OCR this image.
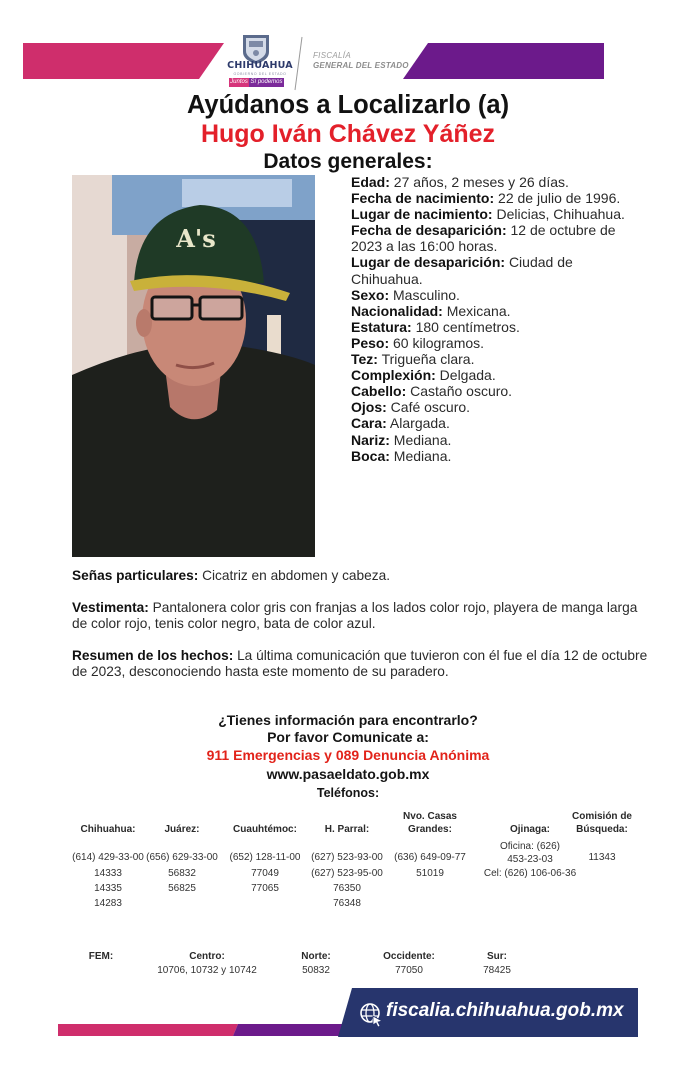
CHIHUAHUA
GOBIERNO DEL ESTADO
Juntos Sí podemos
FISCALÍA
GENERAL DEL ESTADO
Ayúdanos a Localizarlo (a)
Hugo Iván Chávez Yáñez
Datos generales:
A's
Edad: 27 años, 2 meses y 26 días.
Fecha de nacimiento: 22 de julio de 1996.
Lugar de nacimiento: Delicias, Chihuahua.
Fecha de desaparición: 12 de octubre de 2023 a las 16:00 horas.
Lugar de desaparición: Ciudad de Chihuahua.
Sexo: Masculino.
Nacionalidad: Mexicana.
Estatura: 180 centímetros.
Peso: 60 kilogramos.
Tez: Trigueña clara.
Complexión: Delgada.
Cabello: Castaño oscuro.
Ojos: Café oscuro.
Cara: Alargada.
Nariz: Mediana.
Boca: Mediana.
Señas particulares: Cicatriz en abdomen y cabeza.
Vestimenta: Pantalonera color gris con franjas a los lados color rojo, playera de manga larga de color rojo, tenis color negro, bata de color azul.
Resumen de los hechos: La última comunicación que tuvieron con él fue el día 12 de octubre de 2023, desconociendo hasta este momento de su paradero.
¿Tienes información para encontrarlo?
Por favor Comunicate a:
911 Emergencias y 089 Denuncia Anónima
www.pasaeldato.gob.mx
Teléfonos:
Chihuahua:
(614) 429-33-00
14333
14335
14283
Juárez:
(656) 629-33-00
56832
56825
Cuauhtémoc:
(652) 128-11-00
77049
77065
H. Parral:
(627) 523-93-00
(627) 523-95-00
76350
76348
Nvo. Casas
Grandes:
(636) 649-09-77
51019
Ojinaga:
Oficina: (626) 453-23-03
Cel: (626) 106-06-36
Comisión de
Búsqueda:
11343
FEM:	Centro:
10706, 10732 y 10742
Norte:
50832
Occidente:
77050
Sur:
78425
fiscalia.chihuahua.gob.mx
